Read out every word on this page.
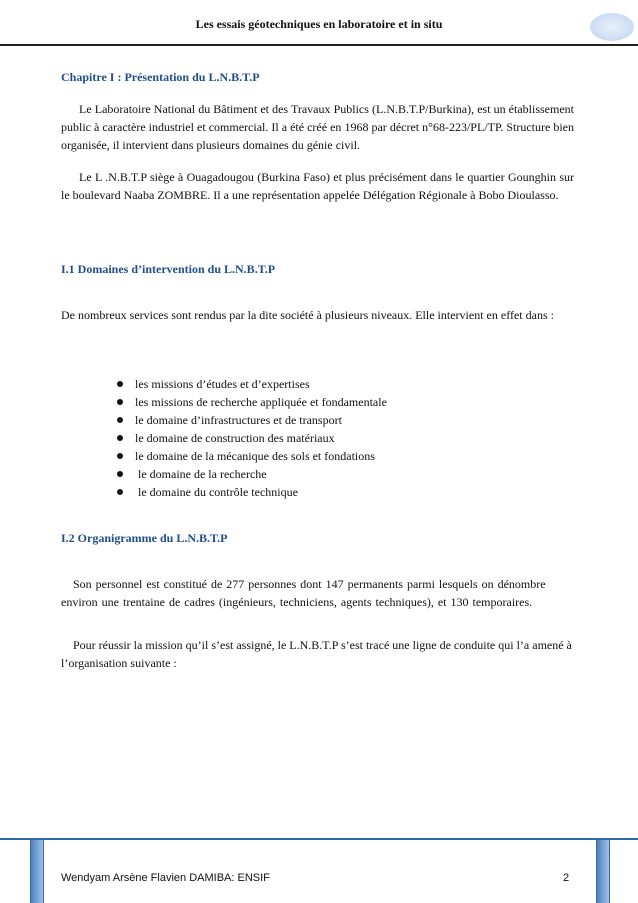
Les essais géotechniques en laboratoire et in situ
Chapitre I : Présentation du L.N.B.T.P

Le Laboratoire National du Bâtiment et des Travaux Publics (L.N.B.T.P/Burkina), est un établissement public à caractère industriel et commercial. Il a été créé en 1968 par décret n°68-223/PL/TP. Structure bien organisée, il intervient dans plusieurs domaines du génie civil.

Le L .N.B.T.P siège à Ouagadougou (Burkina Faso) et plus précisément dans le quartier Gounghin sur le boulevard Naaba ZOMBRE. Il a une représentation appelée Délégation Régionale à Bobo Dioulasso.

I.1 Domaines d’intervention du L.N.B.T.P

De nombreux services sont rendus par la dite société à plusieurs niveaux. Elle intervient en effet dans :

les missions d’études et d’expertises
les missions de recherche appliquée et fondamentale
le domaine d’infrastructures et de transport
le domaine de construction des matériaux
le domaine de la mécanique des sols et fondations
le domaine de la recherche
le domaine du contrôle technique
I.2 Organigramme du L.N.B.T.P

Son personnel est constitué de 277 personnes dont 147 permanents parmi lesquels on dénombre environ une trentaine de cadres (ingénieurs, techniciens, agents techniques), et 130 temporaires.

Pour réussir la mission qu’il s’est assigné, le L.N.B.T.P s’est tracé une ligne de conduite qui l’a amené à l’organisation suivante :

Wendyam Arsène Flavien DAMIBA: ENSIF	2
